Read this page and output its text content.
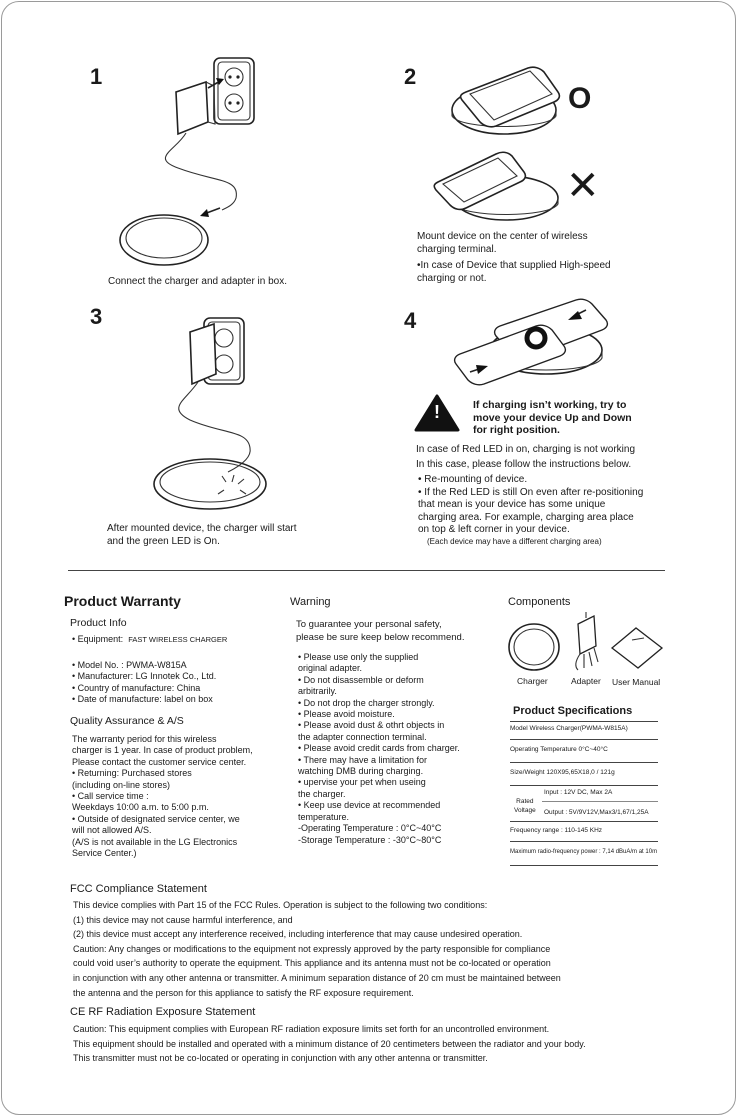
1
Connect the charger and adapter in box.
2
O
✕
Mount device on the center of wireless
charging terminal.
•In case of Device that supplied High-speed
charging or not.
3
After mounted device, the charger will start
and the green LED is On.
4
!	If charging isn’t working, try to
move your device Up and Down
for right position.
In case of Red LED in on, charging is not working
In this case, please follow the instructions below.
• Re-mounting of device.
• If the Red LED is still On even after re-positioning
that mean is your device has some unique
charging area. For example, charging area place
on top & left corner in your device.
(Each device may have a different charging area)
Product Warranty
Product Info
• Equipment: FAST WIRELESS CHARGER
• Model No. : PWMA-W815A
• Manufacturer: LG Innotek Co., Ltd.
• Country of manufacture: China
• Date of manufacture: label on box
Quality Assurance & A/S
The warranty period for this wireless
charger is 1 year. In case of product problem,
Please contact the customer service center.
• Returning: Purchased stores
(including on-line stores)
• Call service time :
Weekdays 10:00 a.m. to 5:00 p.m.
• Outside of designated service center, we
will not allowed A/S.
(A/S is not available in the LG Electronics
Service Center.)
Warning
To guarantee your personal safety,
please be sure keep below recommend.
• Please use only the supplied
original adapter.
• Do not disassemble or deform
arbitrarily.
• Do not drop the charger strongly.
• Please avoid moisture.
• Please avoid dust & othrt objects in
the adapter connection terminal.
• Please avoid credit cards from charger.
• There may have a limitation for
watching DMB during charging.
• upervise your pet when useing
the charger.
• Keep use device at recommended
temperature.
-Operating Temperature : 0°C~40°C
-Storage Temperature : -30°C~80°C
Components
Charger	Adapter User Manual
Product Specifications
Model Wireless Charger(PWMA-W815A)
Operating Temperature 0°C~40°C
Size/Weight 120X95,65X18,0 / 121g
Rated
Voltage
Input : 12V DC, Max 2A
Output : 5V/9V12V,Max3/1,67/1,25A
Frequency range : 110-145 KHz
Maximum radio-frequency power : 7,14 dBuA/m at 10m
FCC Compliance Statement
This device complies with Part 15 of the FCC Rules. Operation is subject to the following two conditions:
(1) this device may not cause harmful interference, and
(2) this device must accept any interference received, including interference that may cause undesired operation.
Caution: Any changes or modifications to the equipment not expressly approved by the party responsible for compliance
could void user’s authority to operate the equipment. This appliance and its antenna must not be co-located or operation
in conjunction with any other antenna or transmitter. A minimum separation distance of 20 cm must be maintained between
the antenna and the person for this appliance to satisfy the RF exposure requirement.
CE RF Radiation Exposure Statement
Caution: This equipment complies with European RF radiation exposure limits set forth for an uncontrolled environment.
This equipment should be installed and operated with a minimum distance of 20 centimeters between the radiator and your body.
This transmitter must not be co-located or operating in conjunction with any other antenna or transmitter.
